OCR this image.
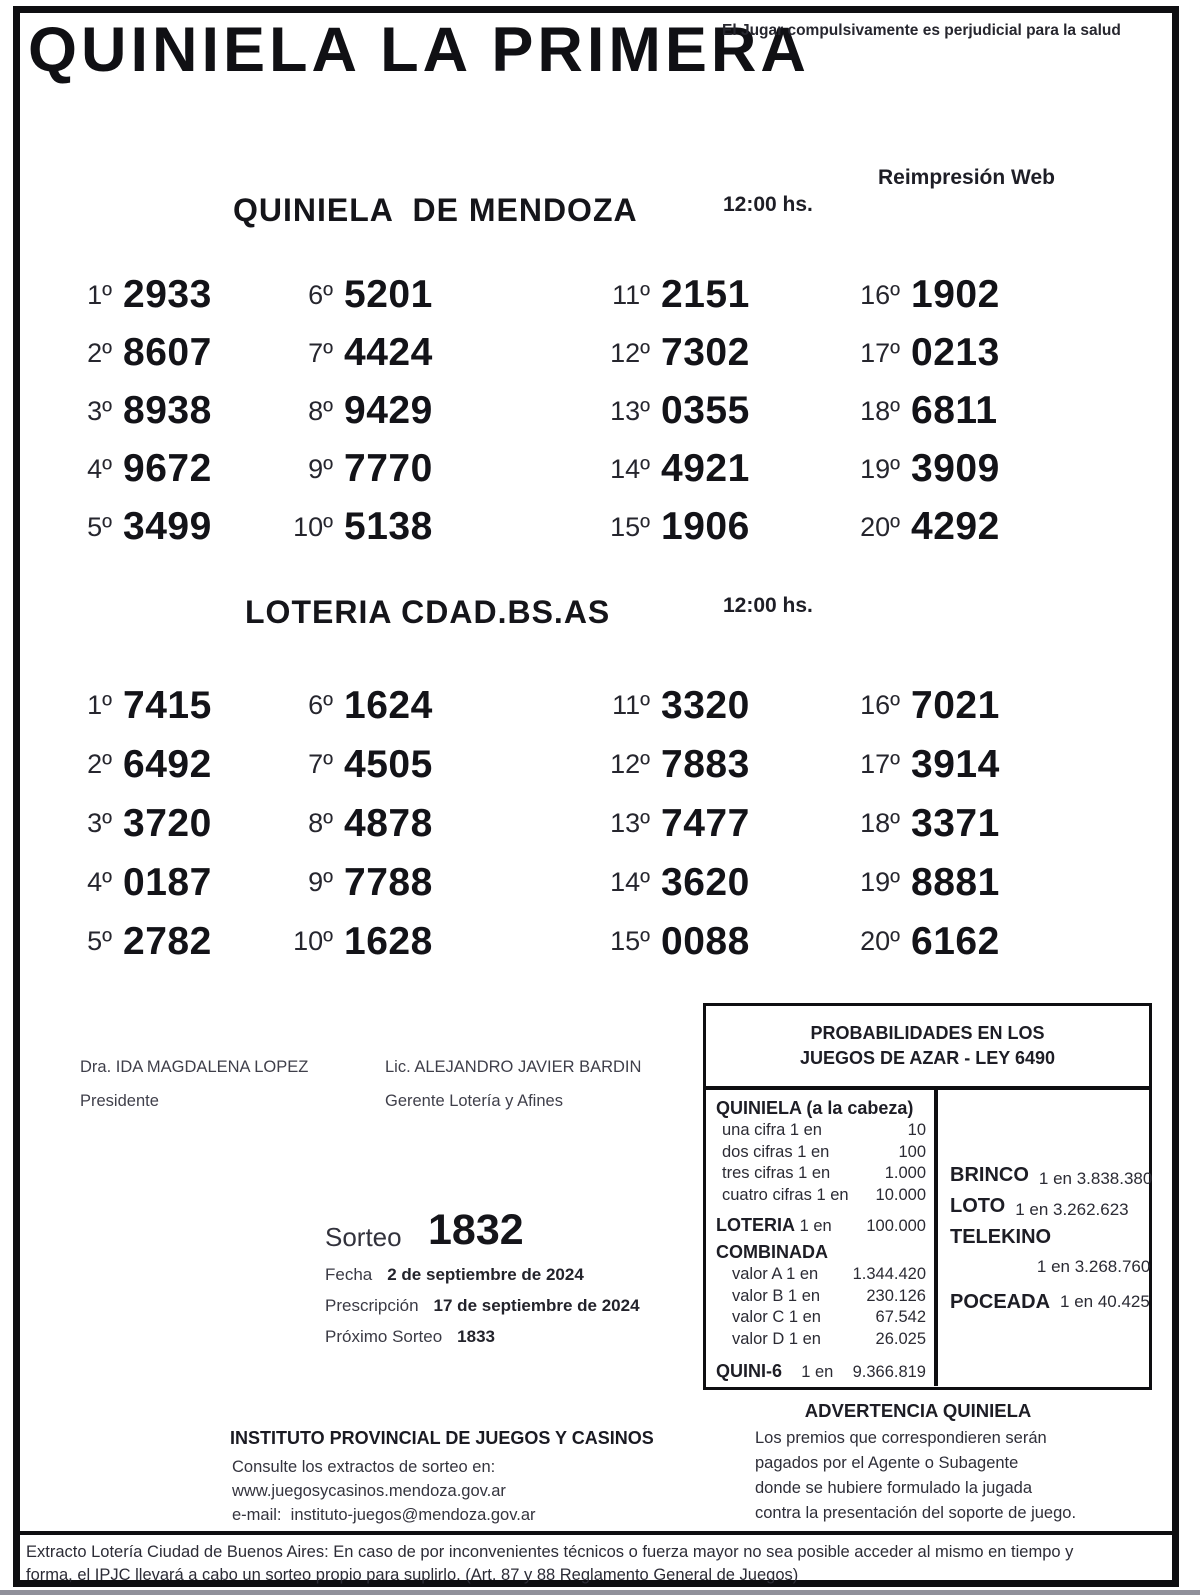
QUINIELA LA PRIMERA
El Jugar compulsivamente es perjudicial para la salud
Reimpresión Web
QUINIELA  DE MENDOZA	12:00 hs.
1º 2933
2º 8607
3º 8938
4º 9672
5º 3499
6º 5201
7º 4424
8º 9429
9º 7770
10º 5138
11º 2151
12º 7302
13º 0355
14º 4921
15º 1906
16º 1902
17º 0213
18º 6811
19º 3909
20º 4292
LOTERIA CDAD.BS.AS	12:00 hs.
1º 7415
2º 6492
3º 3720
4º 0187
5º 2782
6º 1624
7º 4505
8º 4878
9º 7788
10º 1628
11º 3320
12º 7883
13º 7477
14º 3620
15º 0088
16º 7021
17º 3914
18º 3371
19º 8881
20º 6162
Dra. IDA MAGDALENA LOPEZ
Presidente
Lic. ALEJANDRO JAVIER BARDIN
Gerente Lotería y Afines
Sorteo 1832
Fecha 2 de septiembre de 2024
Prescripción 17 de septiembre de 2024
Próximo Sorteo 1833
PROBABILIDADES EN LOS
JUEGOS DE AZAR - LEY 6490
QUINIELA (a la cabeza)
una cifra 1 en	10
dos cifras 1 en	100
tres cifras 1 en	1.000
cuatro cifras 1 en 10.000
LOTERIA 1 en 100.000
COMBINADA
valor A 1 en 1.344.420
valor B 1 en	230.126
valor C 1 en	67.542
valor D 1 en	26.025
QUINI-6 1 en 9.366.819
BRINCO 1 en 3.838.380
LOTO 1 en 3.262.623
TELEKINO
1 en 3.268.760
POCEADA 1 en 40.425
ADVERTENCIA QUINIELA
Los premios que correspondieren serán
pagados por el Agente o Subagente
donde se hubiere formulado la jugada
contra la presentación del soporte de juego.
INSTITUTO PROVINCIAL DE JUEGOS Y CASINOS
Consulte los extractos de sorteo en:
www.juegosycasinos.mendoza.gov.ar
e-mail:  instituto-juegos@mendoza.gov.ar
Extracto Lotería Ciudad de Buenos Aires: En caso de por inconvenientes técnicos o fuerza mayor no sea posible acceder al mismo en tiempo y
forma, el IPJC llevará a cabo un sorteo propio para suplirlo. (Art. 87 y 88 Reglamento General de Juegos)
